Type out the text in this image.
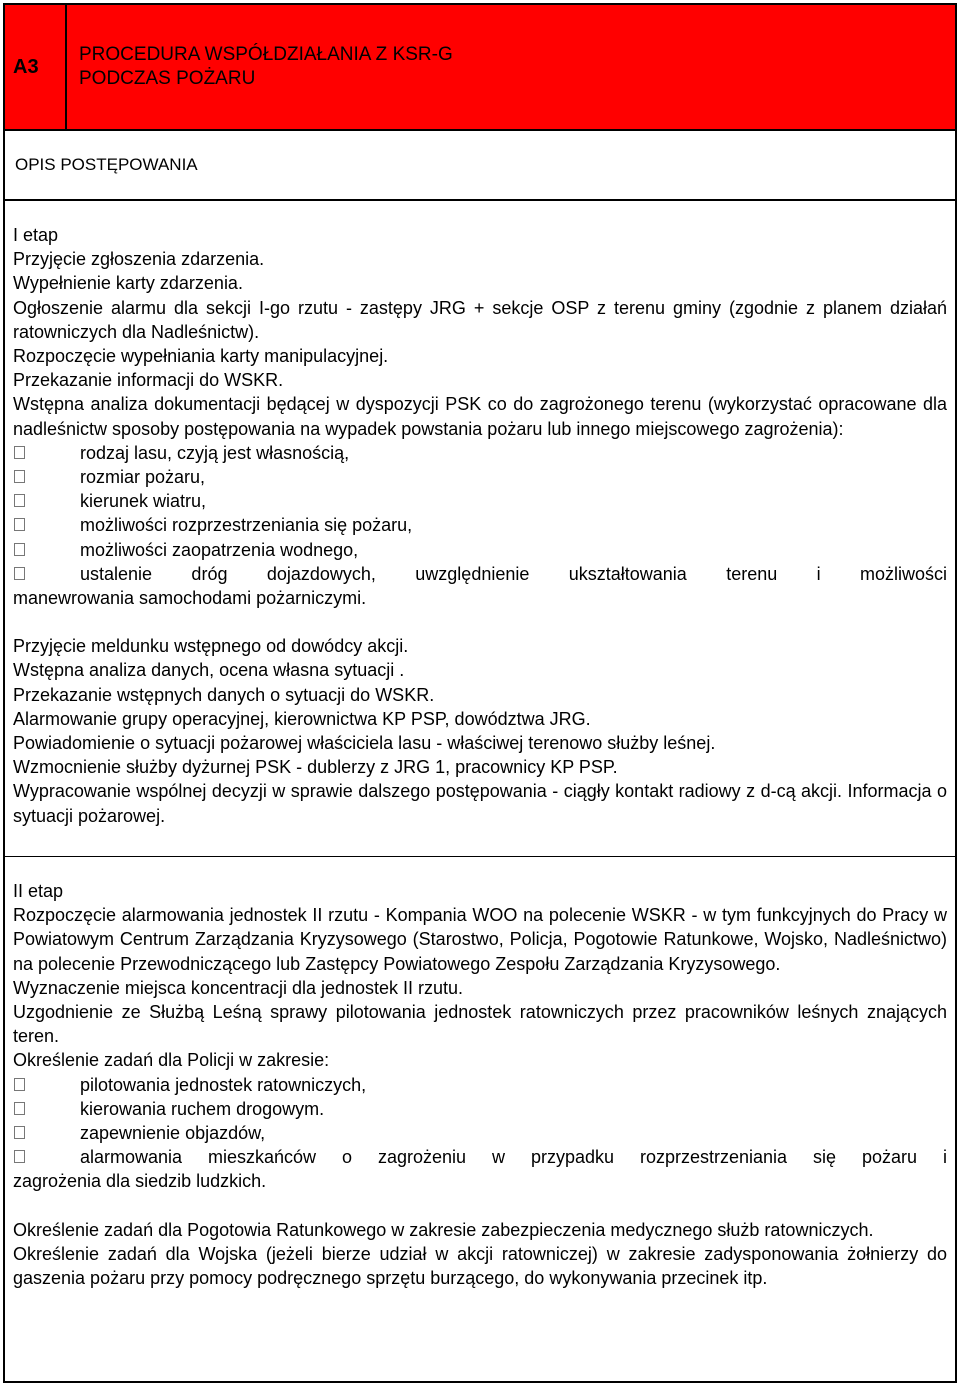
A3
PROCEDURA WSPÓŁDZIAŁANIA Z KSR-G
PODCZAS POŻARU
OPIS POSTĘPOWANIA

I etap

Przyjęcie zgłoszenia zdarzenia.

Wypełnienie karty zdarzenia.

Ogłoszenie alarmu dla sekcji I-go rzutu - zastępy JRG + sekcje OSP z terenu gminy (zgodnie z planem działań ratowniczych dla Nadleśnictw).

Rozpoczęcie wypełniania karty manipulacyjnej.

Przekazanie informacji do WSKR.

Wstępna analiza dokumentacji będącej w dyspozycji PSK co do zagrożonego terenu (wykorzystać opracowane dla nadleśnictw sposoby postępowania na wypadek powstania pożaru lub innego miejscowego zagrożenia):

rodzaj lasu, czyją jest własnością,
rozmiar pożaru,
kierunek wiatru,
możliwości rozprzestrzeniania się pożaru,
możliwości zaopatrzenia wodnego,
ustalenie dróg dojazdowych, uwzględnienie ukształtowania terenu i możliwości

manewrowania samochodami pożarniczymi.

Przyjęcie meldunku wstępnego od dowódcy akcji.

Wstępna analiza danych, ocena własna sytuacji .

Przekazanie wstępnych danych o sytuacji do WSKR.

Alarmowanie grupy operacyjnej, kierownictwa KP PSP, dowództwa JRG.

Powiadomienie o sytuacji pożarowej właściciela lasu - właściwej terenowo służby leśnej.

Wzmocnienie służby dyżurnej PSK - dublerzy z JRG 1, pracownicy KP PSP.

Wypracowanie wspólnej decyzji w sprawie dalszego postępowania - ciągły kontakt radiowy z d-cą akcji. Informacja o sytuacji pożarowej.

II etap

Rozpoczęcie alarmowania jednostek II rzutu - Kompania WOO na polecenie WSKR - w tym funkcyjnych do Pracy w Powiatowym Centrum Zarządzania Kryzysowego (Starostwo, Policja, Pogotowie Ratunkowe, Wojsko, Nadleśnictwo) na polecenie Przewodniczącego lub Zastępcy Powiatowego Zespołu Zarządzania Kryzysowego.

Wyznaczenie miejsca koncentracji dla jednostek II rzutu.

Uzgodnienie ze Służbą Leśną sprawy pilotowania jednostek ratowniczych przez pracowników leśnych znających teren.

Określenie zadań dla Policji w zakresie:

pilotowania jednostek ratowniczych,
kierowania ruchem drogowym.
zapewnienie objazdów,
alarmowania mieszkańców o zagrożeniu w przypadku rozprzestrzeniania się pożaru i

zagrożenia dla siedzib ludzkich.

Określenie zadań dla Pogotowia Ratunkowego w zakresie zabezpieczenia medycznego służb ratowniczych.

Określenie zadań dla Wojska (jeżeli bierze udział w akcji ratowniczej) w zakresie zadysponowania żołnierzy do gaszenia pożaru przy pomocy podręcznego sprzętu burzącego, do wykonywania przecinek itp.
